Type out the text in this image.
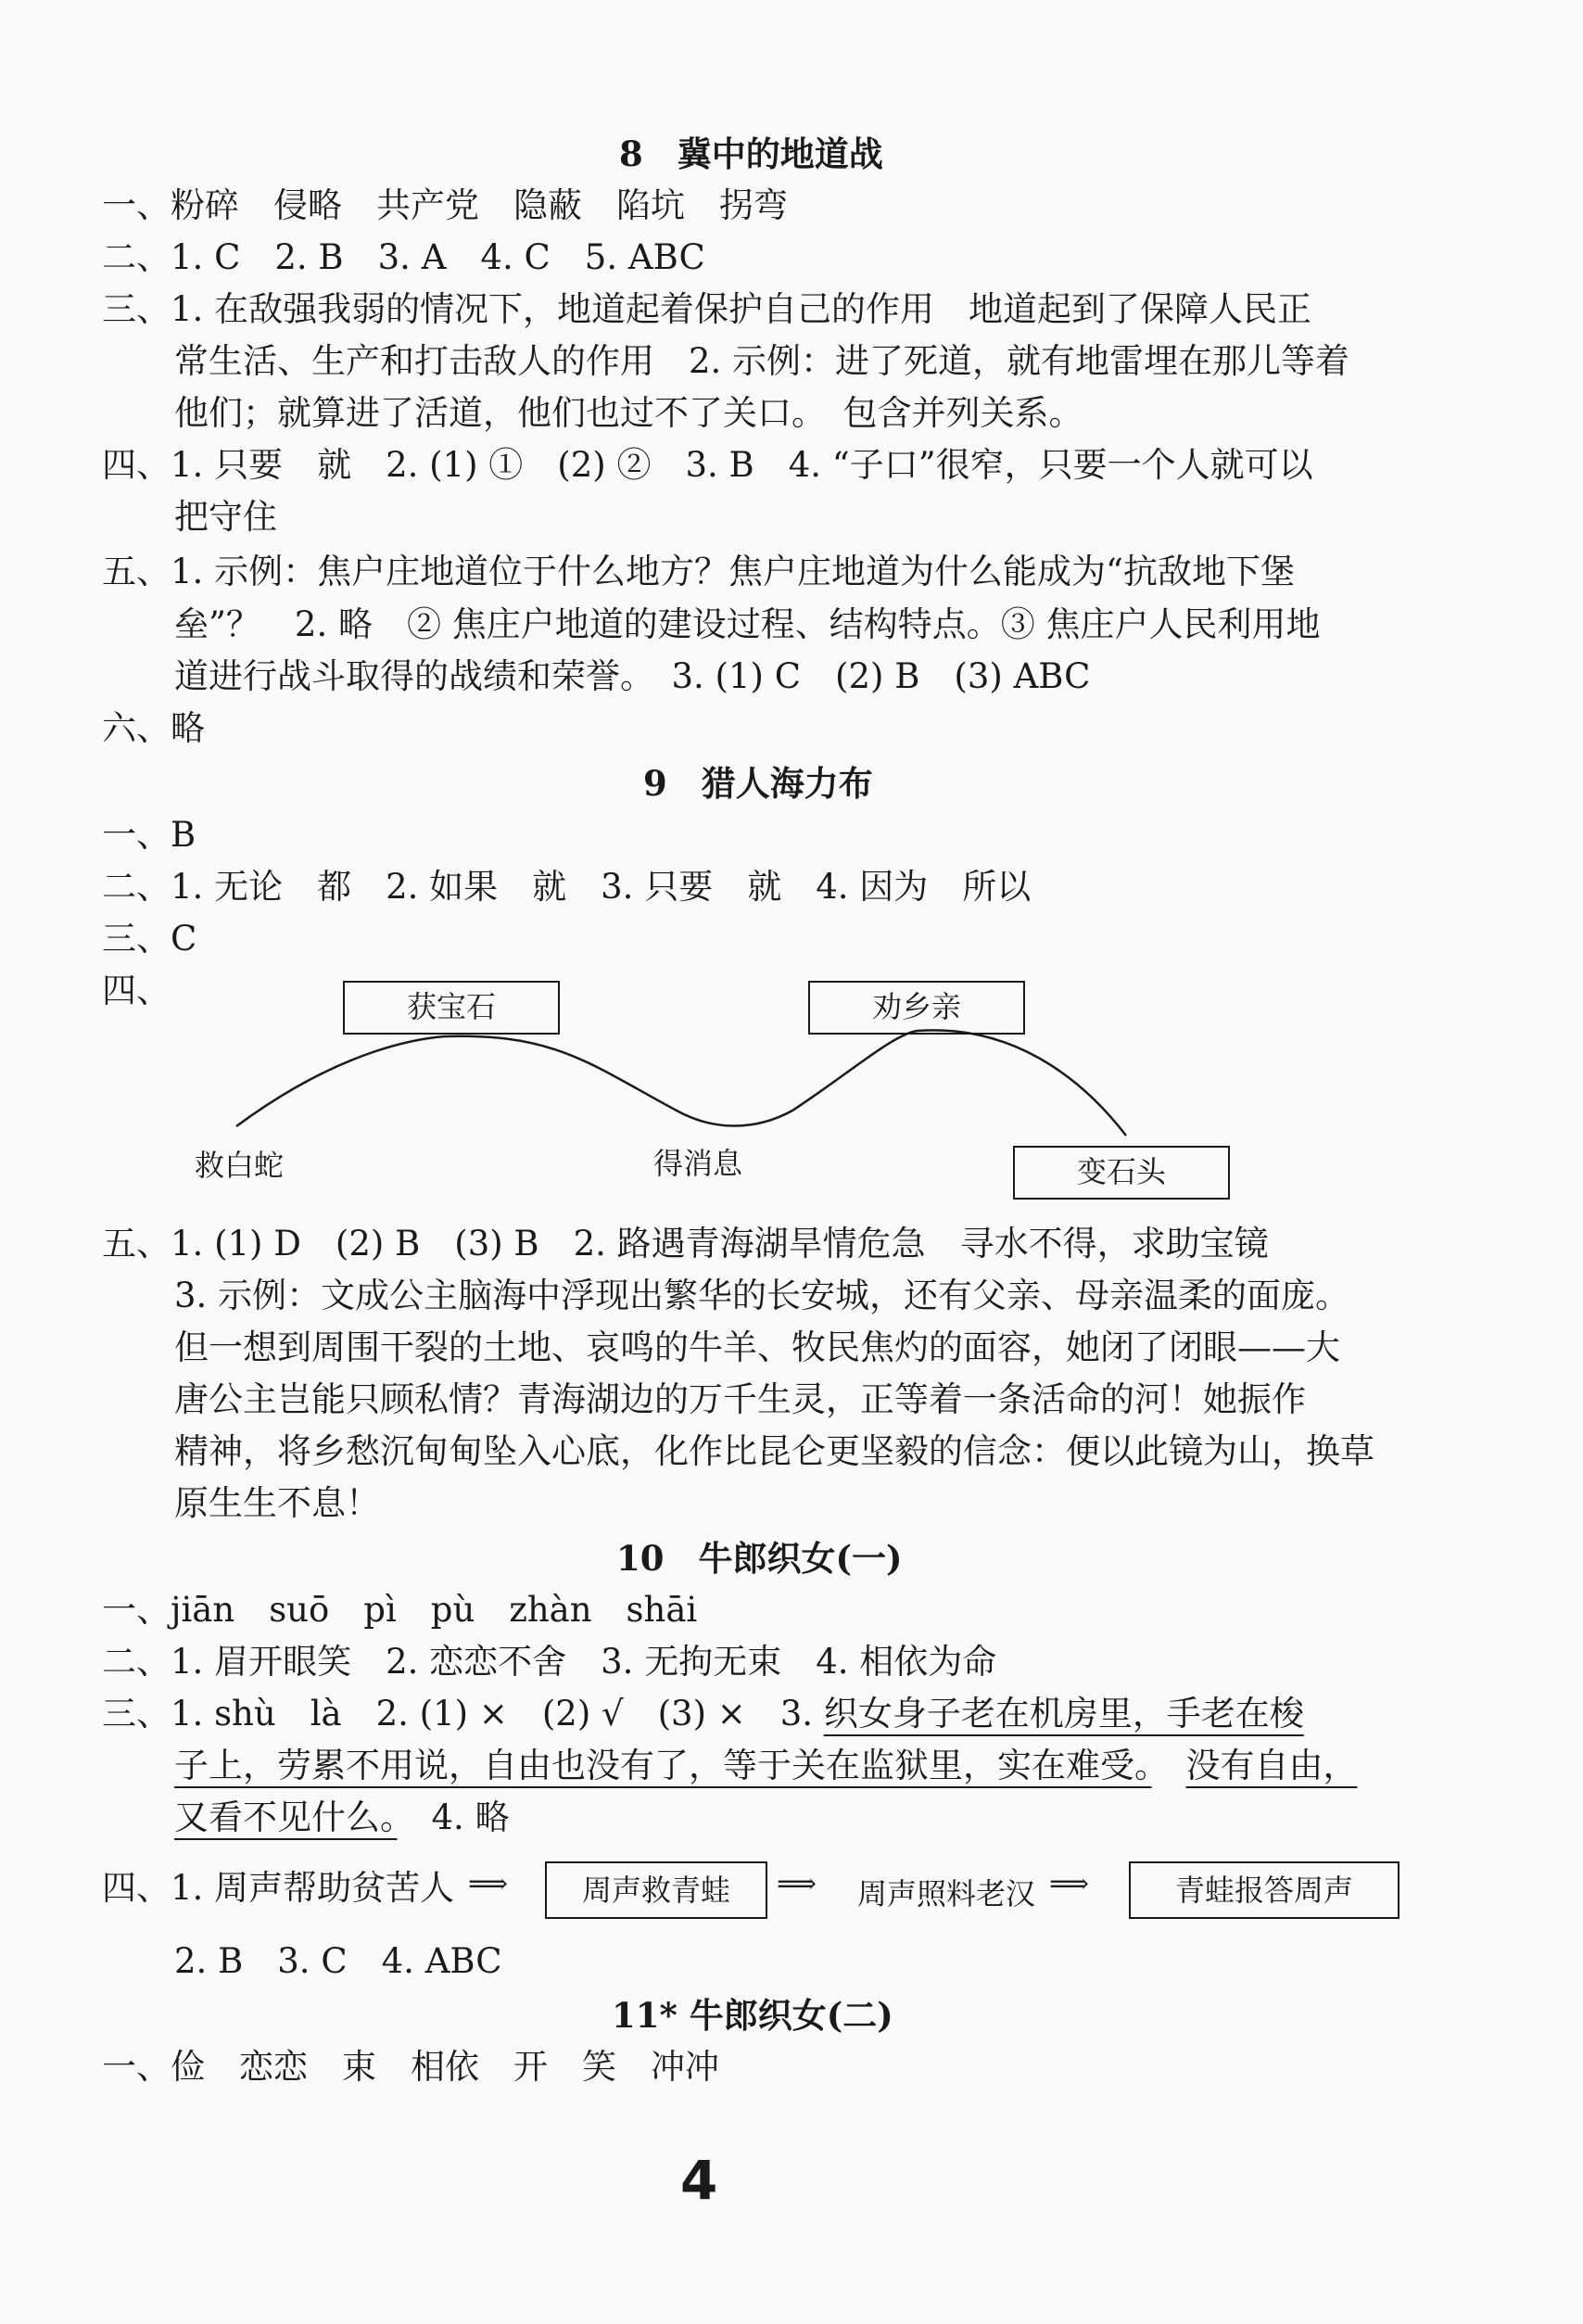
8　冀中的地道战
一、粉碎　侵略　共产党　隐蔽　陷坑　拐弯
二、1. C　2. B　3. A　4. C　5. ABC
三、1. 在敌强我弱的情况下，地道起着保护自己的作用　地道起到了保障人民正
常生活、生产和打击敌人的作用　2. 示例：进了死道，就有地雷埋在那儿等着
他们；就算进了活道，他们也过不了关口。　包含并列关系。
四、1. 只要　就　2. (1) ①　(2) ②　3. B　4. “子口”很窄，只要一个人就可以
把守住
五、1. 示例：焦户庄地道位于什么地方？焦户庄地道为什么能成为“抗敌地下堡
垒”？　2. 略　② 焦庄户地道的建设过程、结构特点。③ 焦庄户人民利用地
道进行战斗取得的战绩和荣誉。　3. (1) C　(2) B　(3) ABC
六、略
9　猎人海力布
一、B
二、1. 无论　都　2. 如果　就　3. 只要　就　4. 因为　所以
三、C
四、	获宝石	劝乡亲
变石头
救白蛇	得消息
五、1. (1) D　(2) B　(3) B　2. 路遇青海湖旱情危急　寻水不得，求助宝镜
3. 示例：文成公主脑海中浮现出繁华的长安城，还有父亲、母亲温柔的面庞。
但一想到周围干裂的土地、哀鸣的牛羊、牧民焦灼的面容，她闭了闭眼——大
唐公主岂能只顾私情？青海湖边的万千生灵，正等着一条活命的河！她振作
精神，将乡愁沉甸甸坠入心底，化作比昆仑更坚毅的信念：便以此镜为山，换草
原生生不息！
10　牛郎织女(一)
一、jiān　suō　pì　pù　zhàn　shāi
二、1. 眉开眼笑　2. 恋恋不舍　3. 无拘无束　4. 相依为命
三、1. shù　là　2. (1) ×　(2) √　(3) ×　3. 织女身子老在机房里，手老在梭
子上，劳累不用说，自由也没有了，等于关在监狱里，实在难受。　 没有自由，
又看不见什么。　4. 略
四、1. 周声帮助贫苦人 ⟹	周声救青蛙	⟹ 周声照料老汉 ⟹	青蛙报答周声
2. B　3. C　4. ABC
11* 牛郎织女(二)
一、俭　恋恋　束　相依　开　笑　冲冲
4
